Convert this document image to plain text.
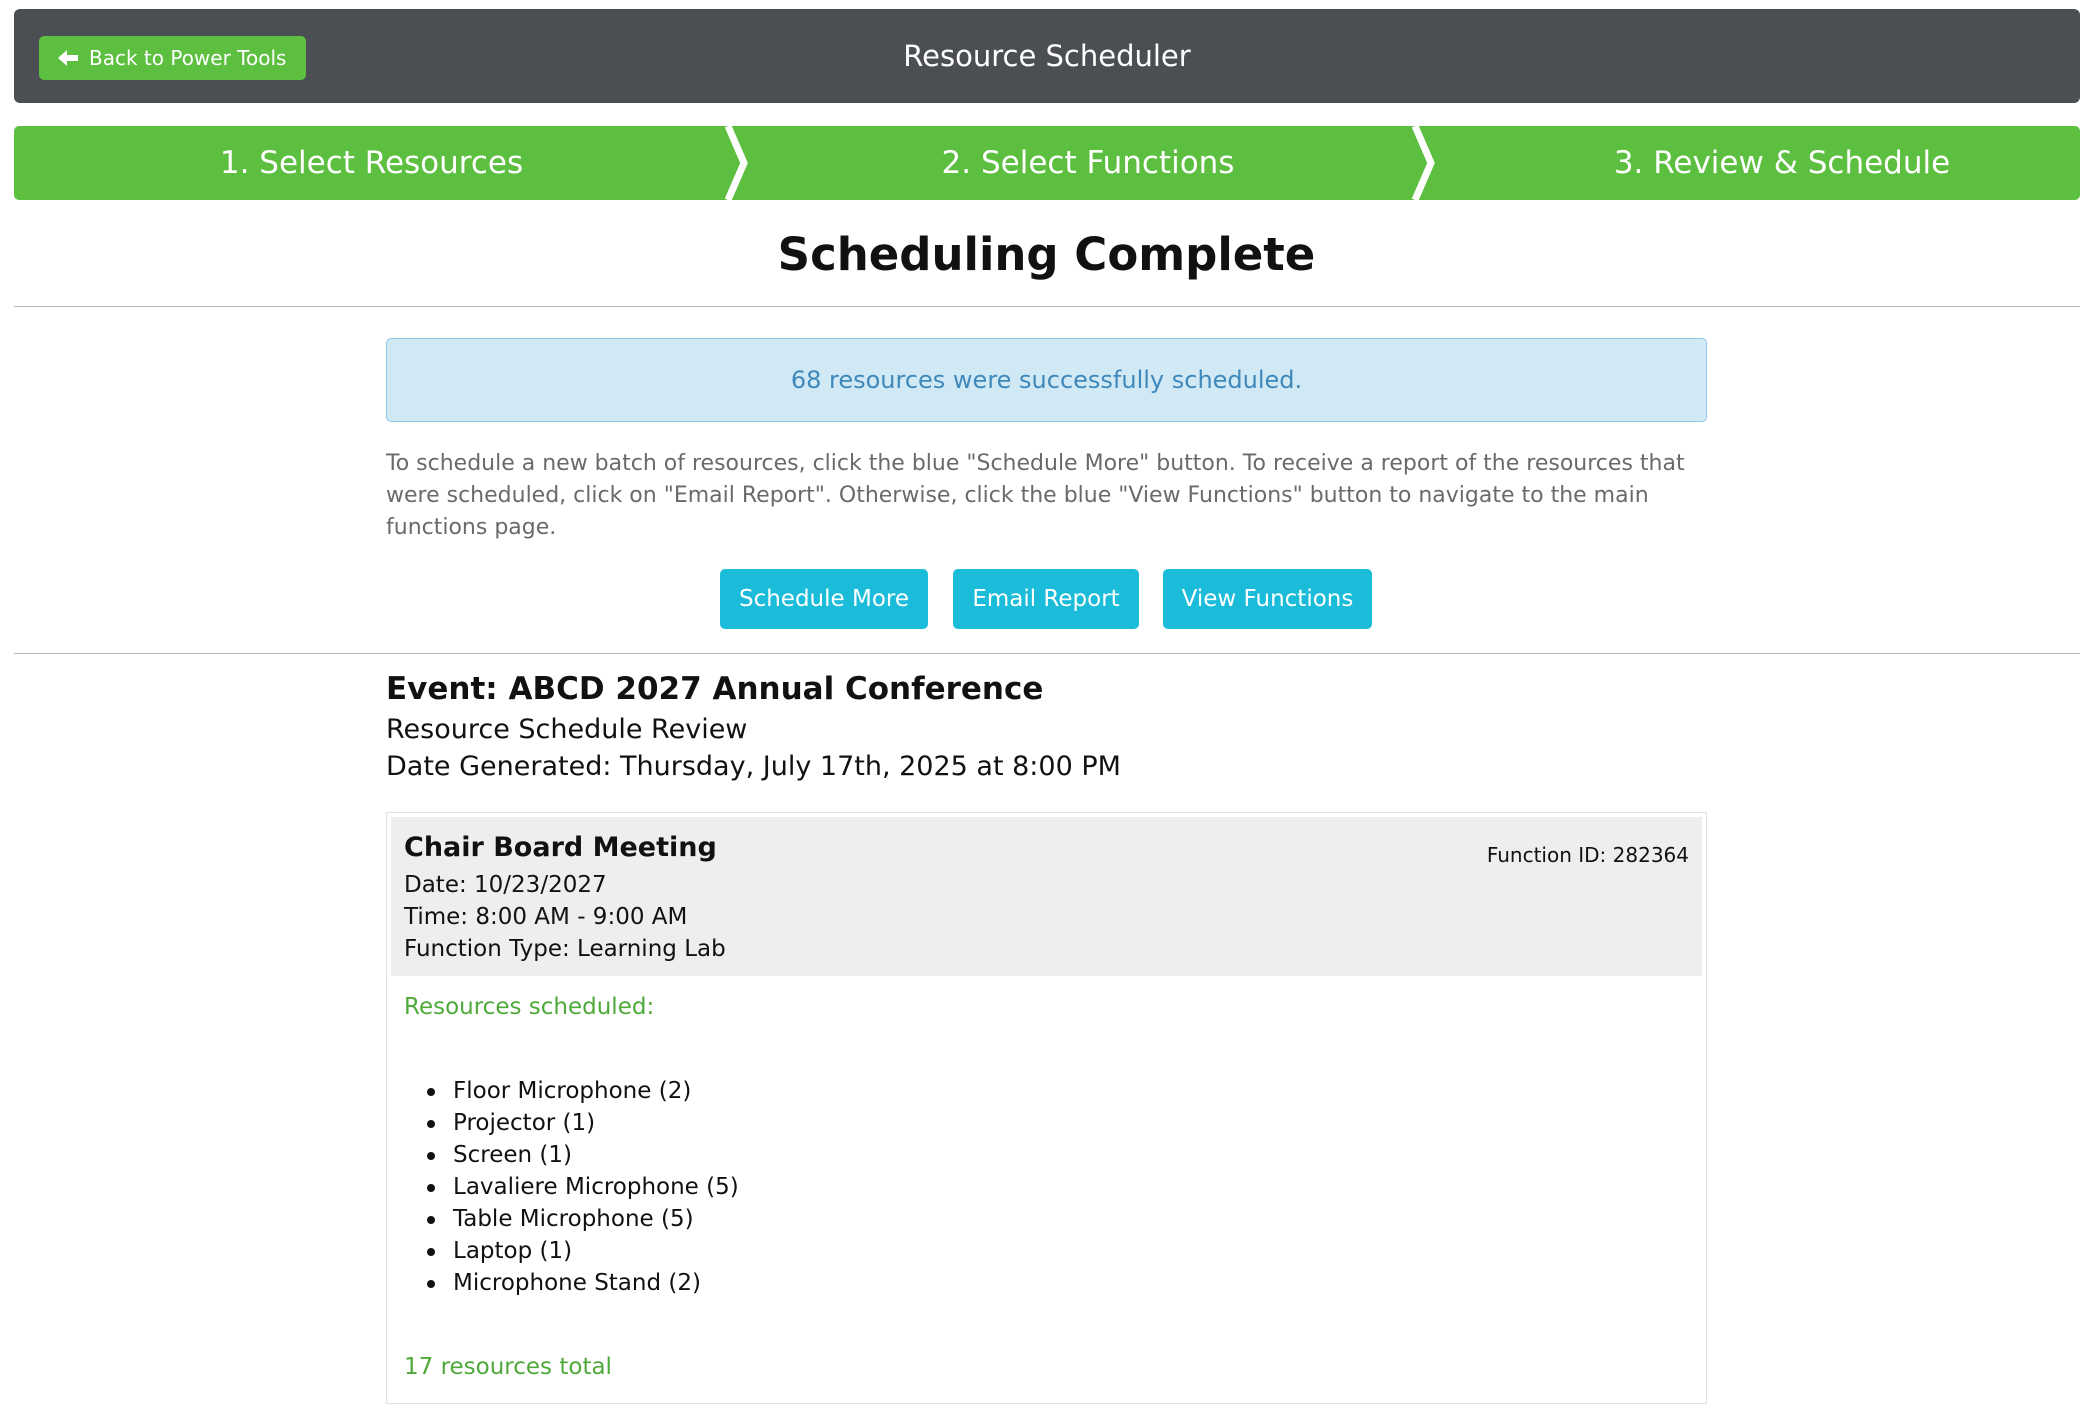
Back to Power Tools	Resource Scheduler
1. Select Resources	2. Select Functions	3. Review & Schedule
Scheduling Complete
68 resources were successfully scheduled.
To schedule a new batch of resources, click the blue "Schedule More" button. To receive a report of the resources that were scheduled, click on "Email Report". Otherwise, click the blue "View Functions" button to navigate to the main functions page.
Schedule More	Email Report	View Functions
Event: ABCD 2027 Annual Conference
Resource Schedule Review
Date Generated: Thursday, July 17th, 2025 at 8:00 PM
Chair Board Meeting	Function ID: 282364
Date: 10/23/2027
Time: 8:00 AM - 9:00 AM
Function Type: Learning Lab
Resources scheduled:
Floor Microphone (2)
Projector (1)
Screen (1)
Lavaliere Microphone (5)
Table Microphone (5)
Laptop (1)
Microphone Stand (2)
17 resources total
